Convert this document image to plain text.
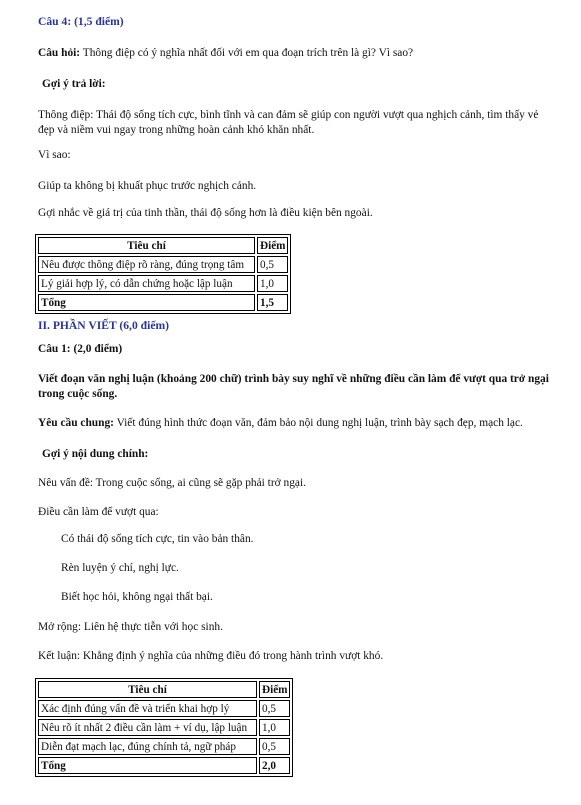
Câu 4: (1,5 điểm)
Câu hỏi: Thông điệp có ý nghĩa nhất đối với em qua đoạn trích trên là gì? Vì sao?
Gợi ý trả lời:
Thông điệp: Thái độ sống tích cực, bình tĩnh và can đảm sẽ giúp con người vượt qua nghịch cảnh, tìm thấy vẻ đẹp và niềm vui ngay trong những hoàn cảnh khó khăn nhất.
Vì sao:
Giúp ta không bị khuất phục trước nghịch cảnh.
Gợi nhắc về giá trị của tinh thần, thái độ sống hơn là điều kiện bên ngoài.
Tiêu chí	Điểm
Nêu được thông điệp rõ ràng, đúng trọng tâm	0,5
Lý giải hợp lý, có dẫn chứng hoặc lập luận	1,0
Tổng	1,5
II. PHẦN VIẾT (6,0 điểm)
Câu 1: (2,0 điểm)
Viết đoạn văn nghị luận (khoảng 200 chữ) trình bày suy nghĩ về những điều cần làm để vượt qua trở ngại trong cuộc sống.
Yêu cầu chung: Viết đúng hình thức đoạn văn, đảm bảo nội dung nghị luận, trình bày sạch đẹp, mạch lạc.
Gợi ý nội dung chính:
Nêu vấn đề: Trong cuộc sống, ai cũng sẽ gặp phải trở ngại.
Điều cần làm để vượt qua:
Có thái độ sống tích cực, tin vào bản thân.
Rèn luyện ý chí, nghị lực.
Biết học hỏi, không ngại thất bại.
Mở rộng: Liên hệ thực tiễn với học sinh.
Kết luận: Khẳng định ý nghĩa của những điều đó trong hành trình vượt khó.
Tiêu chí	Điểm
Xác định đúng vấn đề và triển khai hợp lý	0,5
Nêu rõ ít nhất 2 điều cần làm + ví dụ, lập luận	1,0
Diễn đạt mạch lạc, đúng chính tả, ngữ pháp	0,5
Tổng	2,0
